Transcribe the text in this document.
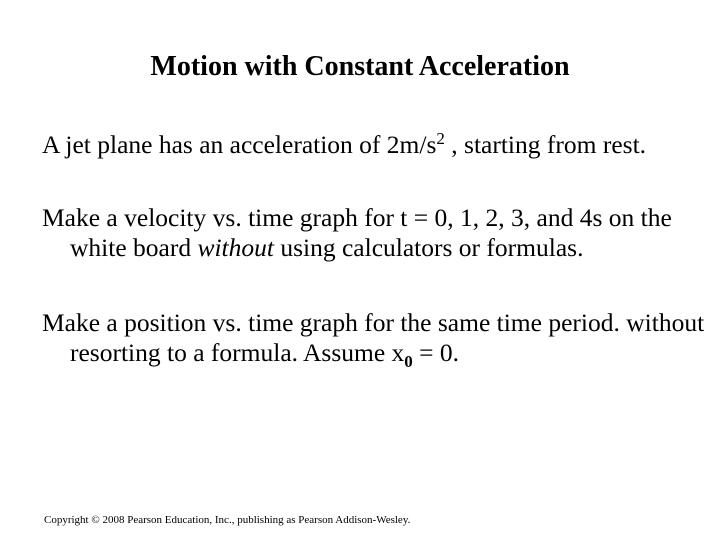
Motion with Constant Acceleration
A jet plane has an acceleration of $2m/s^2$ , starting from rest.
Make a velocity vs. time graph for t = 0, 1, 2, 3, and 4s on the white board without using calculators or formulas.
Make a position vs. time graph for the same time period. without resorting to a formula. Assume $x_0 = 0$.
Copyright © 2008 Pearson Education, Inc., publishing as Pearson Addison-Wesley.
